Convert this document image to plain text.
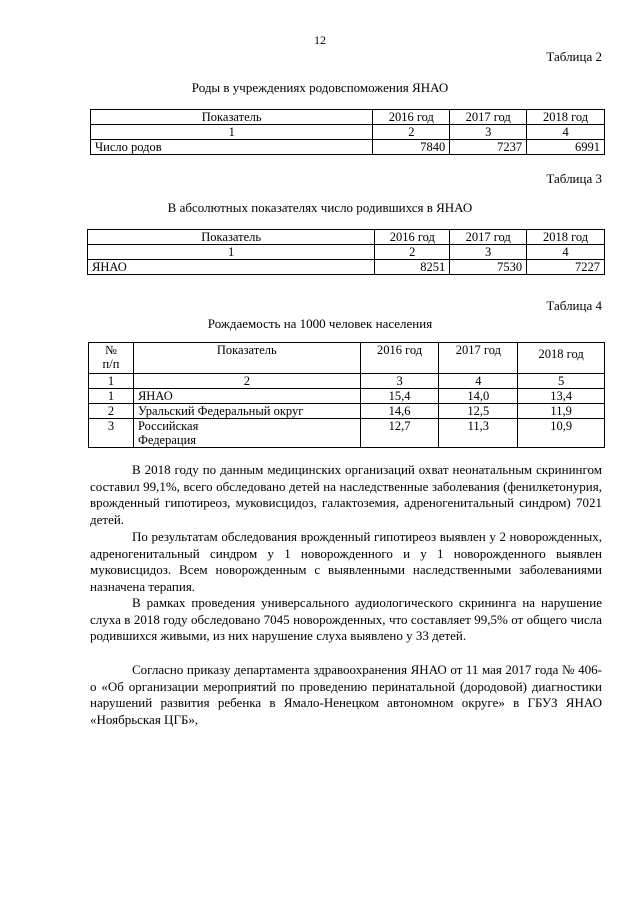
12
Таблица 2
Роды в учреждениях родовспоможения ЯНАО
Показатель	2016 год	2017 год	2018 год
1	2	3	4
Число родов	7840	7237	6991
Таблица 3
В абсолютных показателях число родившихся в ЯНАО
Показатель	2016 год	2017 год	2018 год
1	2	3	4
ЯНАО	8251	7530	7227
Таблица 4
Рождаемость на 1000 человек населения
№ п/п	Показатель	2016 год	2017 год	2018 год
1	2	3	4	5
1	ЯНАО	15,4	14,0	13,4
2	Уральский Федеральный округ	14,6	12,5	11,9
3	Российская Федерация	12,7	11,3	10,9

В 2018 году по данным медицинских организаций охват неонатальным скринингом составил 99,1%, всего обследовано детей на наследственные заболевания (фенилкетонурия, врожденный гипотиреоз, муковисцидоз, галактоземия, адреногенитальный синдром) 7021 детей.

По результатам обследования врожденный гипотиреоз выявлен у 2 новорожденных, адреногенитальный синдром у 1 новорожденного и у 1 новорожденного выявлен муковисцидоз. Всем новорожденным с выявленными наследственными заболеваниями назначена терапия.

В рамках проведения универсального аудиологического скрининга на нарушение слуха в 2018 году обследовано 7045 новорожденных, что составляет 99,5% от общего числа родившихся живыми, из них нарушение слуха выявлено у 33 детей.

Согласно приказу департамента здравоохранения ЯНАО от 11 мая 2017 года № 406-о «Об организации мероприятий по проведению перинатальной (дородовой) диагностики нарушений развития ребенка в Ямало-Ненецком автономном округе» в ГБУЗ ЯНАО «Ноябрьская ЦГБ»,
